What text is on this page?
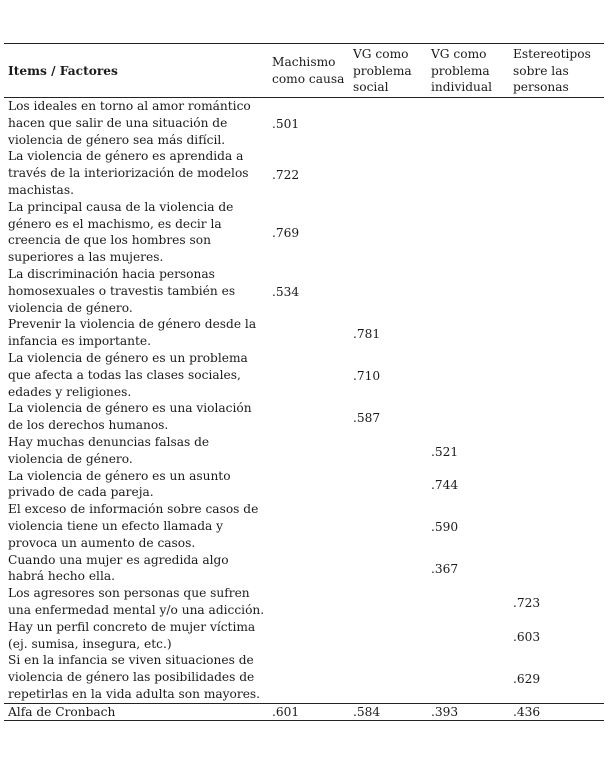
Items / Factores	Machismo como causa	VG como problema social	VG como problema individual	Estereotipos sobre las personas
Los ideales en torno al amor romántico hacen que salir de una situación de violencia de género sea más difícil.	.501			
La violencia de género es aprendida a través de la interiorización de modelos machistas.	.722			
La principal causa de la violencia de género es el machismo, es decir la creencia de que los hombres son superiores a las mujeres.	.769			
La discriminación hacia personas homosexuales o travestis también es violencia de género.	.534			
Prevenir la violencia de género desde la infancia es importante.		.781		
La violencia de género es un problema que afecta a todas las clases sociales, edades y religiones.		.710		
La violencia de género es una violación de los derechos humanos.		.587		
Hay muchas denuncias falsas de violencia de género.			.521	
La violencia de género es un asunto privado de cada pareja.			.744	
El exceso de información sobre casos de violencia tiene un efecto llamada y provoca un aumento de casos.			.590	
Cuando una mujer es agredida algo habrá hecho ella.			.367	
Los agresores son personas que sufren una enfermedad mental y/o una adicción.				.723
Hay un perfil concreto de mujer víctima (ej. sumisa, insegura, etc.)				.603
Si en la infancia se viven situaciones de violencia de género las posibilidades de repetirlas en la vida adulta son mayores.				.629
Alfa de Cronbach	.601	.584	.393	.436
